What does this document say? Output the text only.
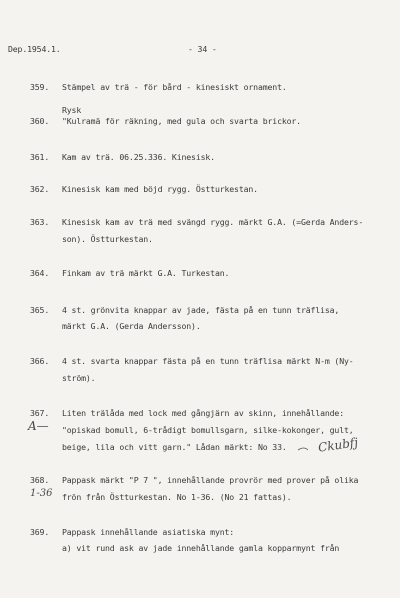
Dep.1954.1.	- 34 -
359. Stämpel av trä - för bård - kinesiskt ornament.
Rysk
360. "Kulramä för räkning, med gula och svarta brickor.
361. Kam av trä. 06.25.336. Kinesisk.
362. Kinesisk kam med böjd rygg. Östturkestan.
363. Kinesisk kam av trä med svängd rygg. märkt G.A. (=Gerda Anders-
son). Östturkestan.
364. Finkam av trä märkt G.A. Turkestan.
365. 4 st. grönvita knappar av jade, fästa på en tunn träflisa,
märkt G.A. (Gerda Andersson).
366. 4 st. svarta knappar fästa på en tunn träflisa märkt N-m (Ny-
ström).
367.
A—
Liten trälåda med lock med gångjärn av skinn, innehållande:
"opiskad bomull, 6-trådigt bomullsgarn, silke-kokonger, gult,
beige, lila och vitt garn." Lådan märkt: No 33.	Ckubfj
368.
1-36
Pappask märkt "P 7 ", innehållande provrör med prover på olika
frön från Östturkestan. No 1-36. (No 21 fattas).
369. Pappask innehållande asiatiska mynt:
a) vit rund ask av jade innehållande gamla kopparmynt från
